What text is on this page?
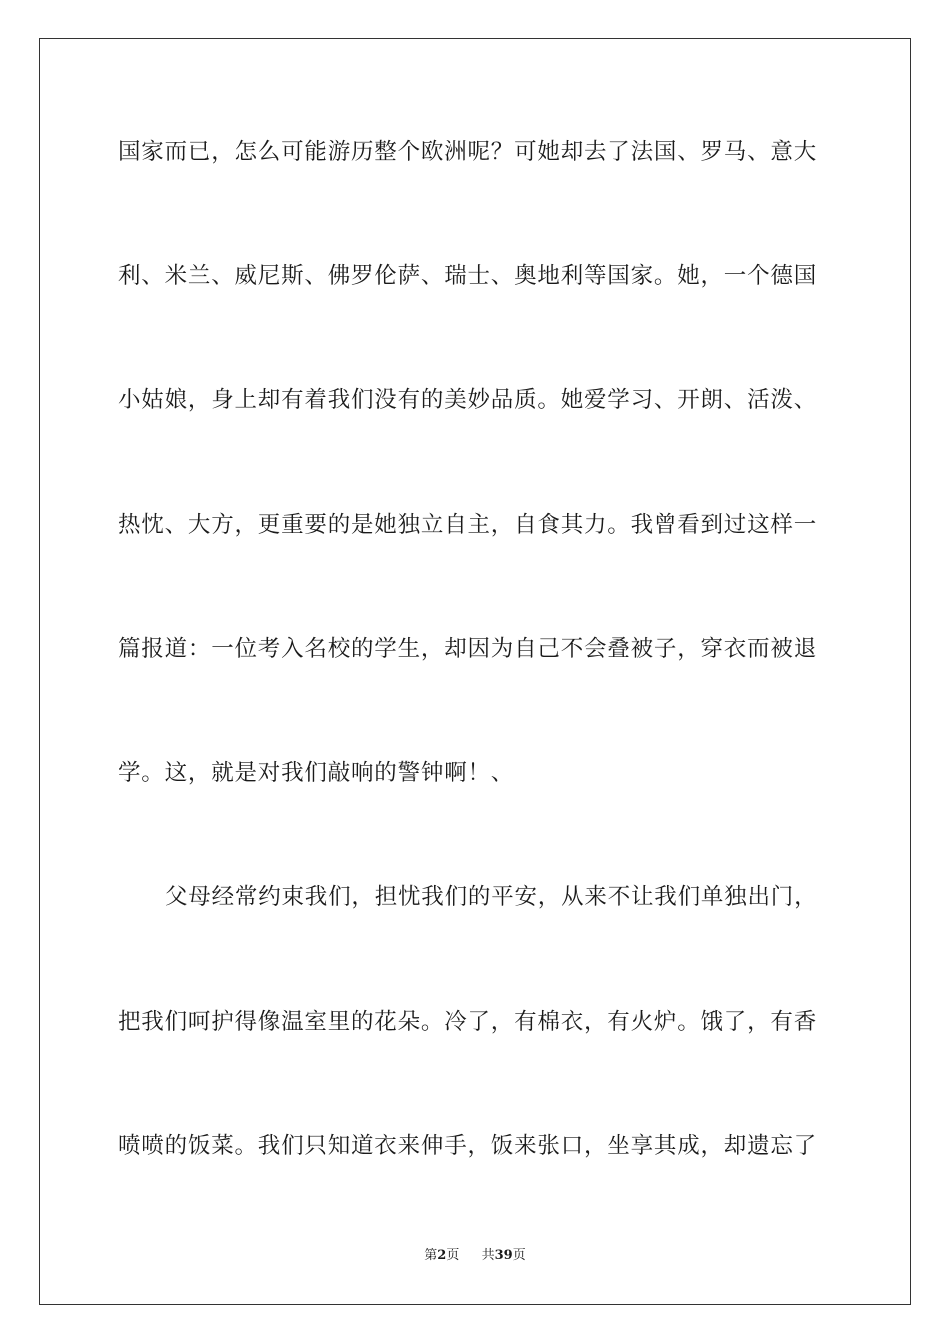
国家而已，怎么可能游历整个欧洲呢？可她却去了法国、罗马、意大
利、米兰、威尼斯、佛罗伦萨、瑞士、奥地利等国家。她，一个德国
小姑娘，身上却有着我们没有的美妙品质。她爱学习、开朗、活泼、
热忱、大方，更重要的是她独立自主，自食其力。我曾看到过这样一
篇报道：一位考入名校的学生，却因为自己不会叠被子，穿衣而被退
学。这，就是对我们敲响的警钟啊！、
父母经常约束我们，担忧我们的平安，从来不让我们单独出门，
把我们呵护得像温室里的花朵。冷了，有棉衣，有火炉。饿了，有香
喷喷的饭菜。我们只知道衣来伸手，饭来张口，坐享其成，却遗忘了
第2页 共39页
